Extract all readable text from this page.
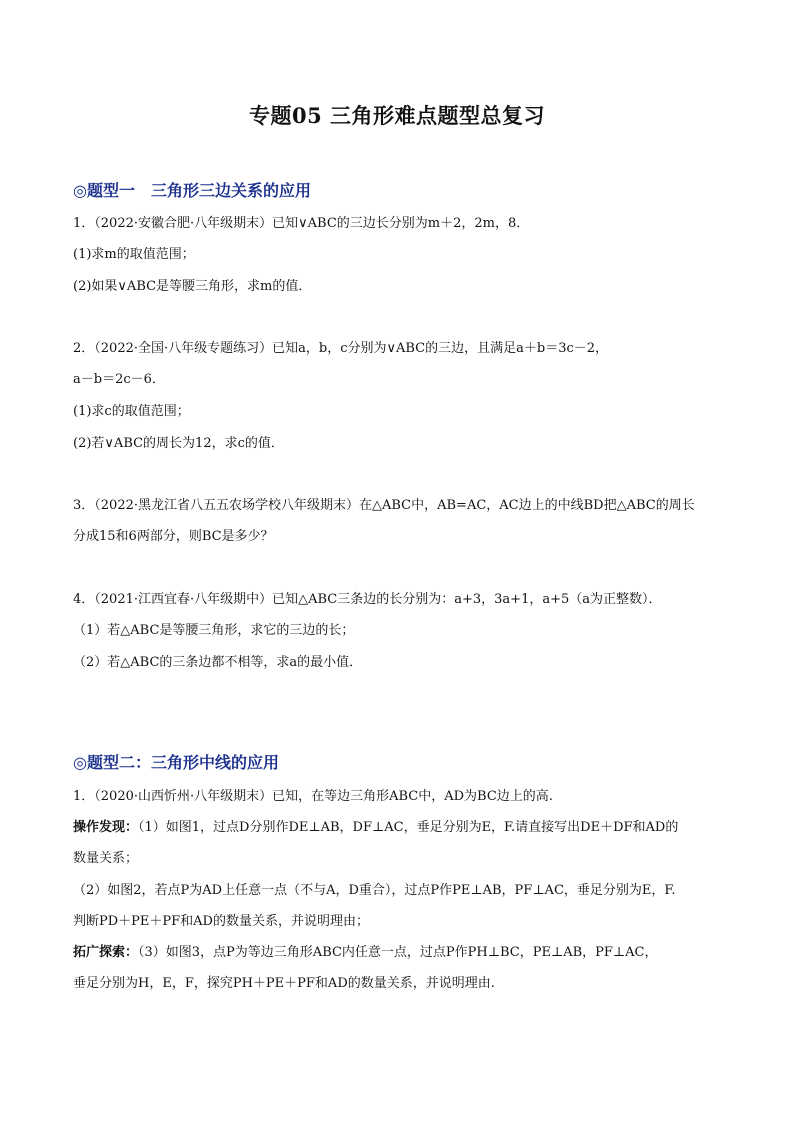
专题05 三角形难点题型总复习
◎题型一　三角形三边关系的应用
1．（2022·安徽合肥·八年级期末）已知∨ABC的三边长分别为m＋2，2m，8．
(1)求m的取值范围；
(2)如果∨ABC是等腰三角形，求m的值．
2．（2022·全国·八年级专题练习）已知a，b，c分别为∨ABC的三边，且满足a＋b＝3c－2，
a－b＝2c－6．
(1)求c的取值范围；
(2)若∨ABC的周长为12，求c的值．
3．（2022·黑龙江省八五五农场学校八年级期末）在△ABC中，AB=AC，AC边上的中线BD把△ABC的周长
分成15和6两部分，则BC是多少？
4．（2021·江西宜春·八年级期中）已知△ABC三条边的长分别为：a+3，3a+1，a+5（a为正整数）．
（1）若△ABC是等腰三角形，求它的三边的长；
（2）若△ABC的三条边都不相等，求a的最小值．
◎题型二：三角形中线的应用
1．（2020·山西忻州·八年级期末）已知，在等边三角形ABC中，AD为BC边上的高.
操作发现：（1）如图1，过点D分别作DE⊥AB，DF⊥AC，垂足分别为E，F.请直接写出DE＋DF和AD的
数量关系；
（2）如图2，若点P为AD上任意一点（不与A，D重合），过点P作PE⊥AB，PF⊥AC，垂足分别为E，F.
判断PD＋PE＋PF和AD的数量关系，并说明理由；
拓广探索：（3）如图3，点P为等边三角形ABC内任意一点，过点P作PH⊥BC，PE⊥AB，PF⊥AC，
垂足分别为H，E，F，探究PH＋PE＋PF和AD的数量关系，并说明理由.
